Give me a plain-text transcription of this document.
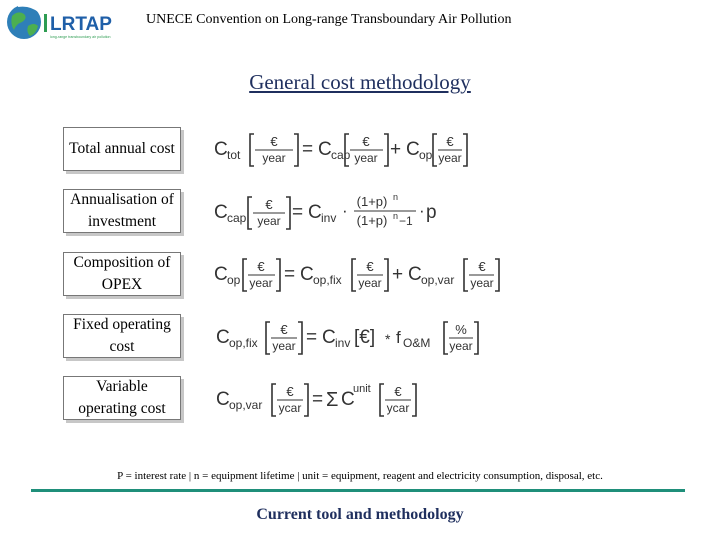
LRTAP
long-range transboundary air pollution
UNECE Convention on Long-range Transboundary Air Pollution
General cost methodology
Total annual cost
Annualisation of investment
Composition of OPEX
Fixed operating cost
Variable operating cost
C tot
€
year = C cap
€
year + C op
€
year
C cap
€
year = C inv · (1+p) n
(1+p) n −1
· p
C op
€
year = C op,fix
€
year + C op,var
€
year
C op,fix
€
year = C inv [€] * f O&M
%
year
C op,var
€
ycar = Σ C
unit €
ycar
P = interest rate | n = equipment lifetime | unit = equipment, reagent and electricity consumption, disposal, etc.
Current tool and methodology
